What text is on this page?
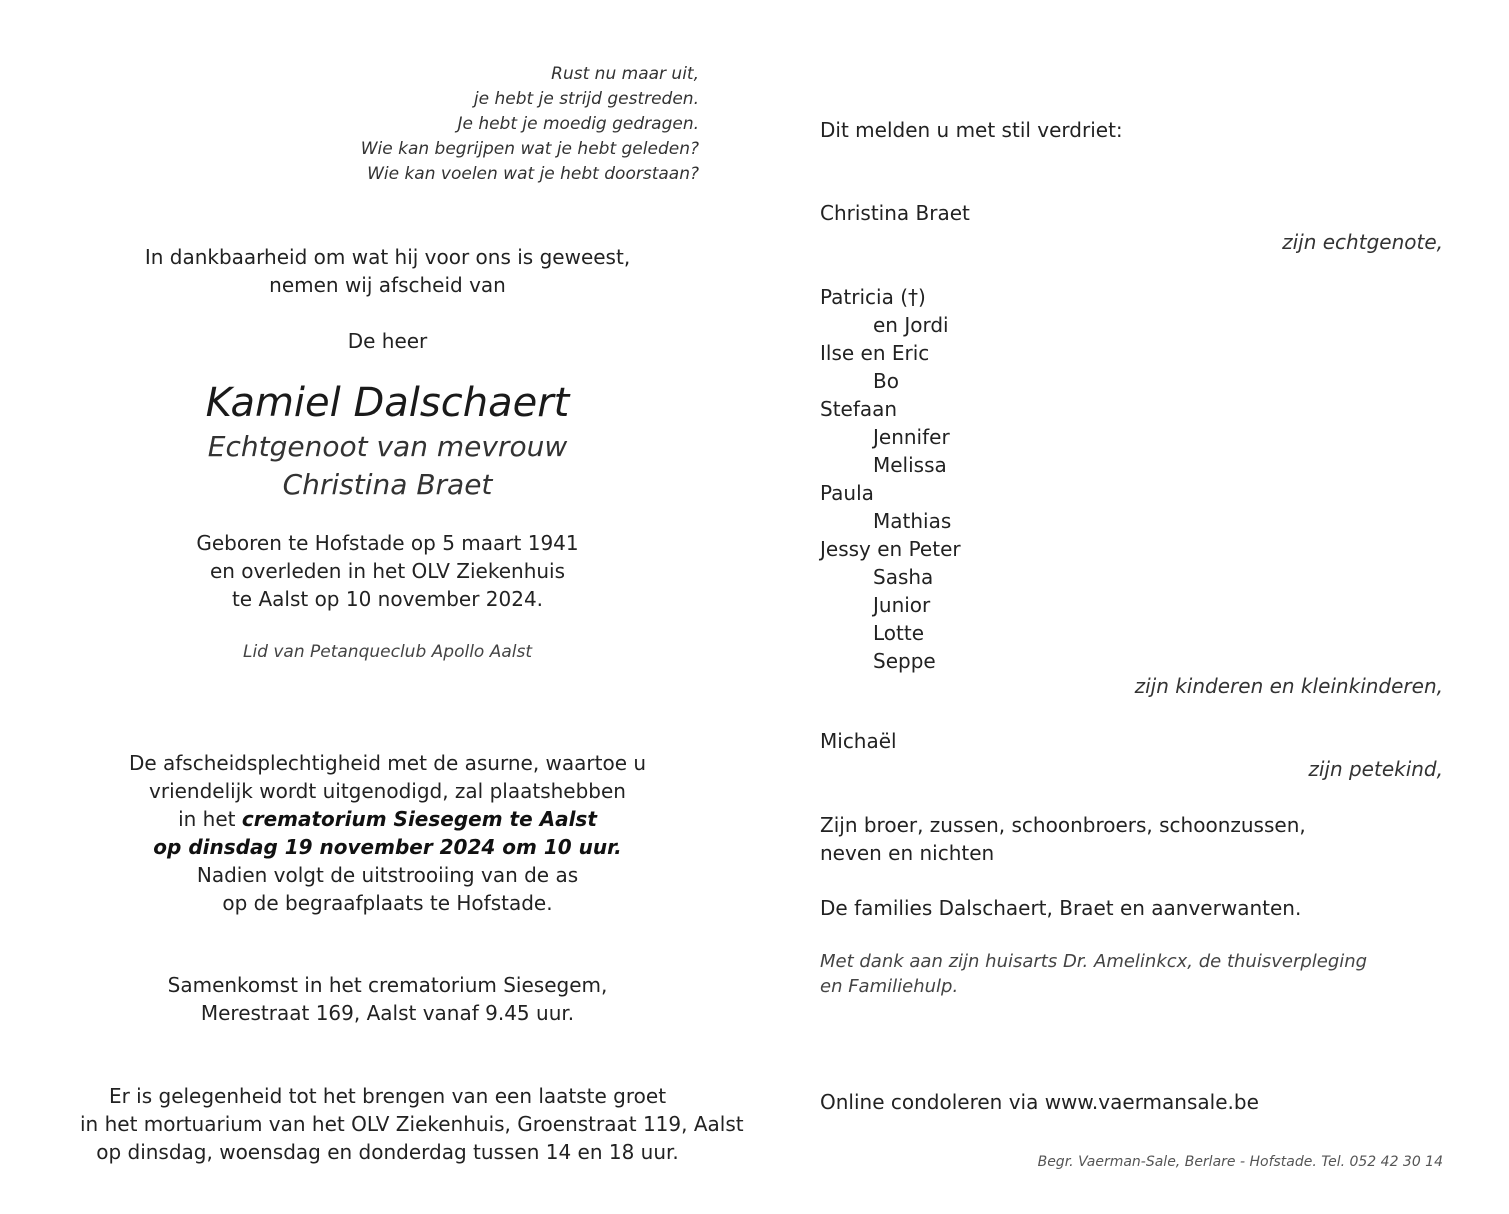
Rust nu maar uit,
je hebt je strijd gestreden.
Je hebt je moedig gedragen.
Wie kan begrijpen wat je hebt geleden?
Wie kan voelen wat je hebt doorstaan?
In dankbaarheid om wat hij voor ons is geweest,
nemen wij afscheid van
De heer
Kamiel Dalschaert
Echtgenoot van mevrouw
Christina Braet
Geboren te Hofstade op 5 maart 1941
en overleden in het OLV Ziekenhuis
te Aalst op 10 november 2024.
Lid van Petanqueclub Apollo Aalst
De afscheidsplechtigheid met de asurne, waartoe u
vriendelijk wordt uitgenodigd, zal plaatshebben
in het crematorium Siesegem te Aalst
op dinsdag 19 november 2024 om 10 uur.
Nadien volgt de uitstrooiing van de as
op de begraafplaats te Hofstade.
Samenkomst in het crematorium Siesegem,
Merestraat 169, Aalst vanaf 9.45 uur.
Er is gelegenheid tot het brengen van een laatste groet
in het mortuarium van het OLV Ziekenhuis, Groenstraat 119, Aalst
op dinsdag, woensdag en donderdag tussen 14 en 18 uur.
Dit melden u met stil verdriet:
Christina Braet
zijn echtgenote,
Patricia (†)
en Jordi
Ilse en Eric
Bo
Stefaan
Jennifer
Melissa
Paula
Mathias
Jessy en Peter
Sasha
Junior
Lotte
Seppe
zijn kinderen en kleinkinderen,
Michaël
zijn petekind,
Zijn broer, zussen, schoonbroers, schoonzussen,
neven en nichten
De families Dalschaert, Braet en aanverwanten.
Met dank aan zijn huisarts Dr. Amelinkcx, de thuisverpleging
en Familiehulp.
Online condoleren via www.vaermansale.be
Begr. Vaerman-Sale, Berlare - Hofstade. Tel. 052 42 30 14
